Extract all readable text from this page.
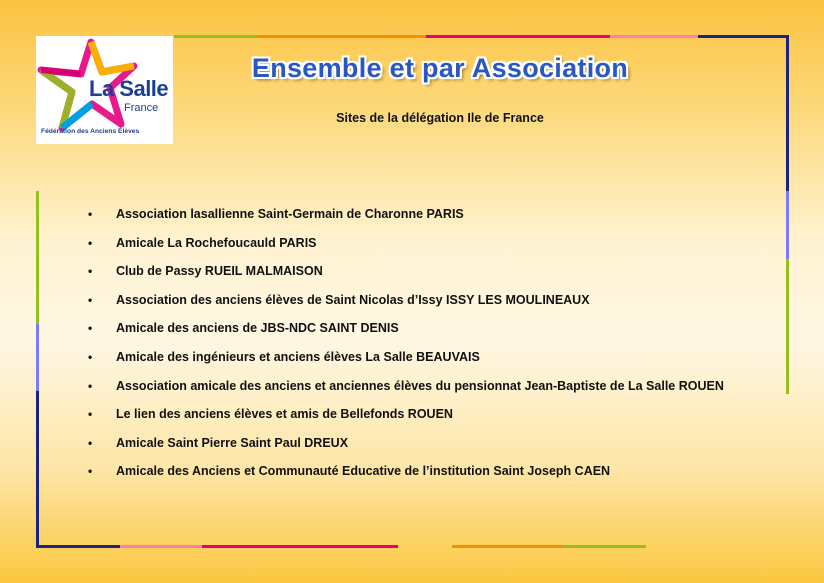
La Salle
France
Fédération des Anciens Élèves
Ensemble et par Association
Sites de la délégation Ile de France
• Association lasallienne Saint-Germain de Charonne PARIS
• Amicale La Rochefoucauld PARIS
• Club de Passy RUEIL MALMAISON
• Association des anciens élèves de Saint Nicolas d’Issy ISSY LES MOULINEAUX
• Amicale des anciens de JBS-NDC SAINT DENIS
• Amicale des ingénieurs et anciens élèves La Salle BEAUVAIS
• Association amicale des anciens et anciennes élèves du pensionnat Jean-Baptiste de La Salle ROUEN
• Le lien des anciens élèves et amis de Bellefonds ROUEN
• Amicale Saint Pierre Saint Paul DREUX
• Amicale des Anciens et Communauté Educative de l’institution Saint Joseph CAEN
